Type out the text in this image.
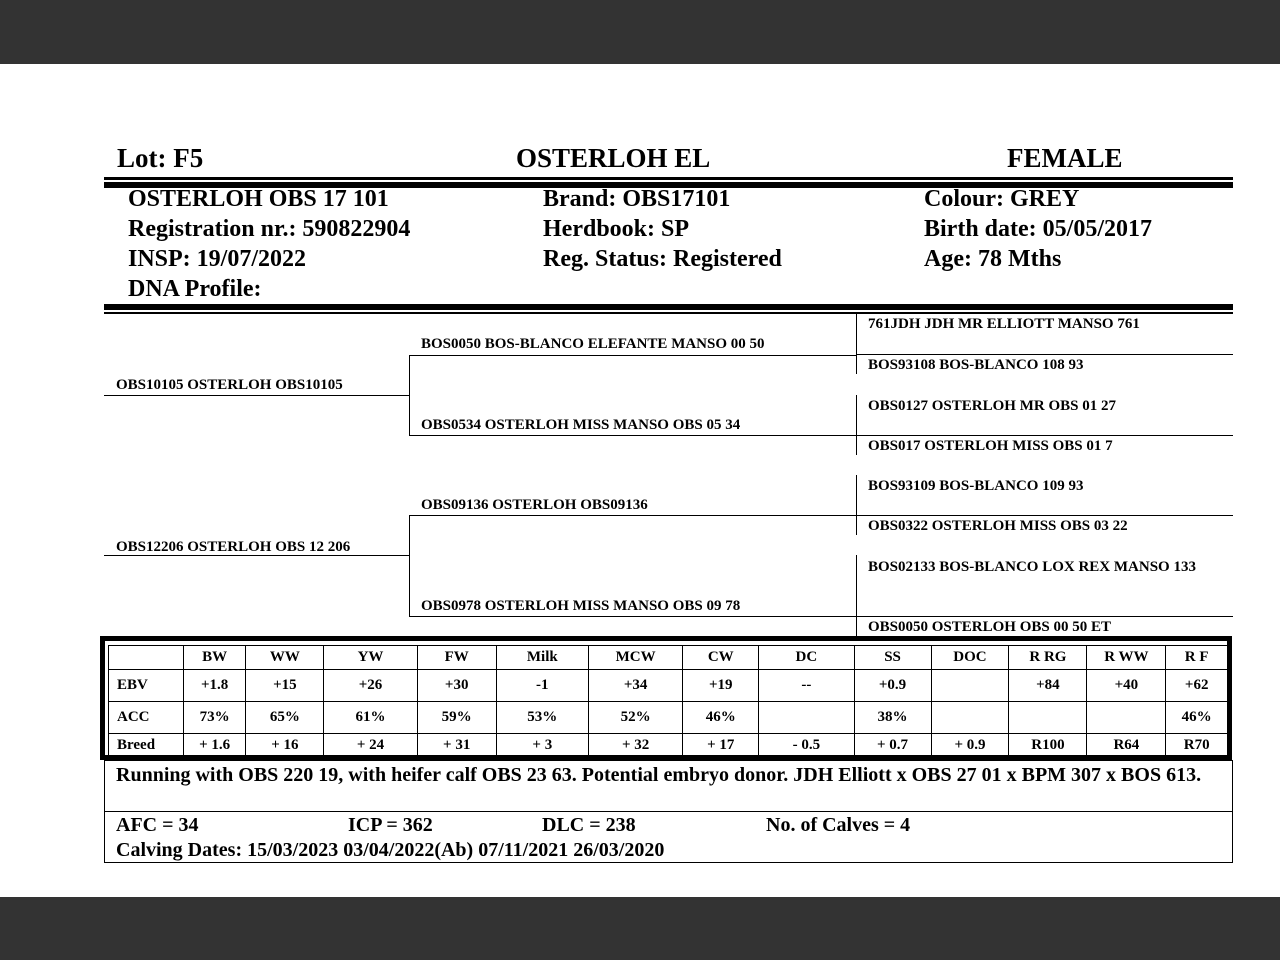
Lot: F5	OSTERLOH EL	FEMALE
OSTERLOH OBS 17 101
Registration nr.: 590822904
INSP: 19/07/2022
DNA Profile:
Brand: OBS17101
Herdbook: SP
Reg. Status: Registered
Colour: GREY
Birth date: 05/05/2017
Age: 78 Mths
OBS10105 OSTERLOH OBS10105
OBS12206 OSTERLOH OBS 12 206
BOS0050 BOS-BLANCO ELEFANTE MANSO 00 50
OBS0534 OSTERLOH MISS MANSO OBS 05 34
OBS09136 OSTERLOH OBS09136
OBS0978 OSTERLOH MISS MANSO OBS 09 78
761JDH JDH MR ELLIOTT MANSO 761
BOS93108 BOS-BLANCO 108 93
OBS0127 OSTERLOH MR OBS 01 27
OBS017 OSTERLOH MISS OBS 01 7
BOS93109 BOS-BLANCO 109 93
OBS0322 OSTERLOH MISS OBS 03 22
BOS02133 BOS-BLANCO LOX REX MANSO 133
OBS0050 OSTERLOH OBS 00 50 ET
	BW	WW	YW	FW	Milk	MCW	CW	DC	SS	DOC	R RG	R WW	R F
EBV	+1.8	+15	+26	+30	-1	+34	+19	--	+0.9		+84	+40	+62
ACC	73%	65%	61%	59%	53%	52%	46%		38%				46%
Breed	+ 1.6	+ 16	+ 24	+ 31	+ 3	+ 32	+ 17	- 0.5	+ 0.7	+ 0.9	R100	R64	R70
Running with OBS 220 19, with heifer calf OBS 23 63. Potential embryo donor. JDH Elliott x OBS 27 01 x BPM 307 x BOS 613.
AFC = 34	ICP = 362	DLC = 238	No. of Calves = 4
Calving Dates: 15/03/2023 03/04/2022(Ab) 07/11/2021 26/03/2020
